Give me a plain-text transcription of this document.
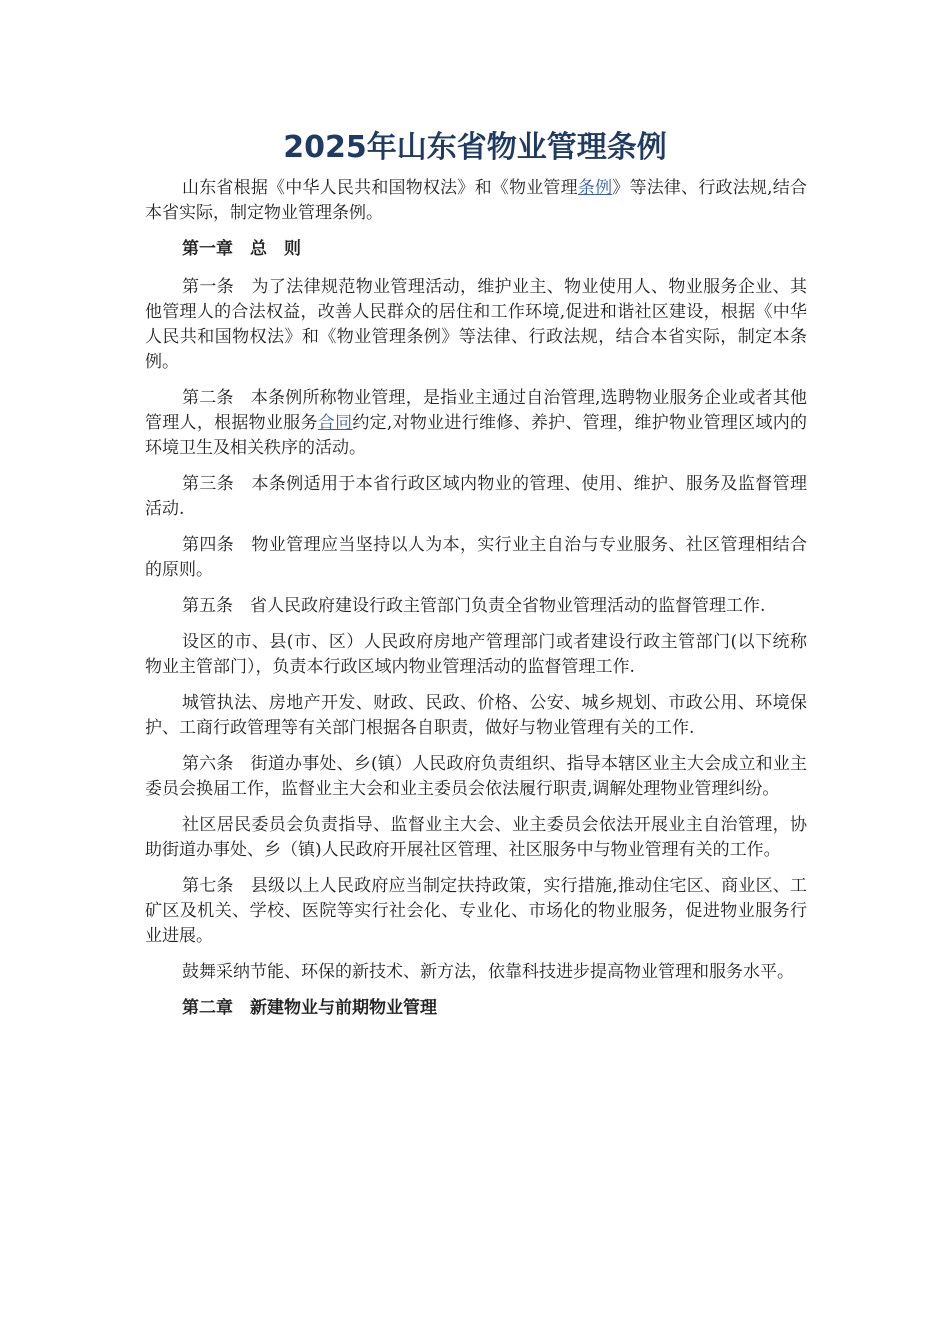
2025年山东省物业管理条例

山东省根据《中华人民共和国物权法》和《物业管理条例》等法律、行政法规,结合本省实际，制定物业管理条例。

第一章　总　则

第一条　为了法律规范物业管理活动，维护业主、物业使用人、物业服务企业、其他管理人的合法权益，改善人民群众的居住和工作环境,促进和谐社区建设，根据《中华人民共和国物权法》和《物业管理条例》等法律、行政法规，结合本省实际，制定本条例。

第二条　本条例所称物业管理，是指业主通过自治管理,选聘物业服务企业或者其他管理人，根据物业服务合同约定,对物业进行维修、养护、管理，维护物业管理区域内的环境卫生及相关秩序的活动。

第三条　本条例适用于本省行政区域内物业的管理、使用、维护、服务及监督管理活动.

第四条　物业管理应当坚持以人为本，实行业主自治与专业服务、社区管理相结合的原则。

第五条　省人民政府建设行政主管部门负责全省物业管理活动的监督管理工作.

设区的市、县(市、区）人民政府房地产管理部门或者建设行政主管部门(以下统称物业主管部门），负责本行政区域内物业管理活动的监督管理工作.

城管执法、房地产开发、财政、民政、价格、公安、城乡规划、市政公用、环境保护、工商行政管理等有关部门根据各自职责，做好与物业管理有关的工作.

第六条　街道办事处、乡(镇）人民政府负责组织、指导本辖区业主大会成立和业主委员会换届工作，监督业主大会和业主委员会依法履行职责,调解处理物业管理纠纷。

社区居民委员会负责指导、监督业主大会、业主委员会依法开展业主自治管理，协助街道办事处、乡（镇)人民政府开展社区管理、社区服务中与物业管理有关的工作。

第七条　县级以上人民政府应当制定扶持政策，实行措施,推动住宅区、商业区、工矿区及机关、学校、医院等实行社会化、专业化、市场化的物业服务，促进物业服务行业进展。

鼓舞采纳节能、环保的新技术、新方法，依靠科技进步提高物业管理和服务水平。

第二章　新建物业与前期物业管理
